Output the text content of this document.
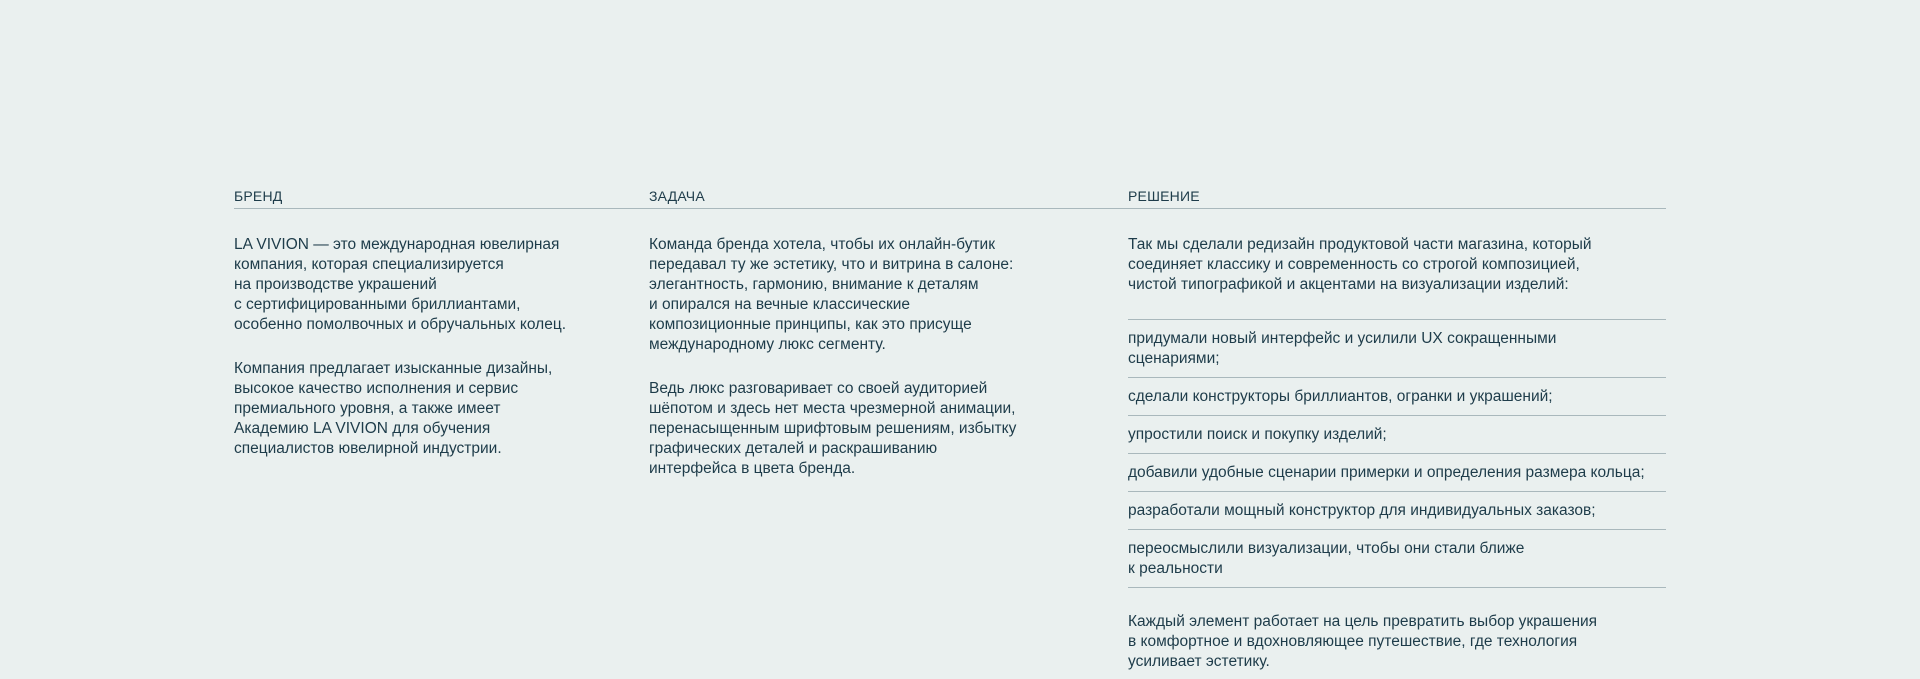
БРЕНД	ЗАДАЧА	РЕШЕНИЕ

LA VIVION — это международная ювелирная
компания, которая специализируется
на производстве украшений
с сертифицированными бриллиантами,
особенно помолвочных и обручальных колец.

Компания предлагает изысканные дизайны,
высокое качество исполнения и сервис
премиального уровня, а также имеет
Академию LA VIVION для обучения
специалистов ювелирной индустрии.

Команда бренда хотела, чтобы их онлайн-бутик
передавал ту же эстетику, что и витрина в салоне:
элегантность, гармонию, внимание к деталям
и опирался на вечные классические
композиционные принципы, как это присуще
международному люкс сегменту.

Ведь люкс разговаривает со своей аудиторией
шёпотом и здесь нет места чрезмерной анимации,
перенасыщенным шрифтовым решениям, избытку
графических деталей и раскрашиванию
интерфейса в цвета бренда.

Так мы сделали редизайн продуктовой части магазина, который
соединяет классику и современность со строгой композицией,
чистой типографикой и акцентами на визуализации изделий:

придумали новый интерфейс и усилили UX сокращенными
сценариями;
сделали конструкторы бриллиантов, огранки и украшений;
упростили поиск и покупку изделий;
добавили удобные сценарии примерки и определения размера кольца;
разработали мощный конструктор для индивидуальных заказов;
переосмыслили визуализации, чтобы они стали ближе
к реальности

Каждый элемент работает на цель превратить выбор украшения
в комфортное и вдохновляющее путешествие, где технология
усиливает эстетику.
